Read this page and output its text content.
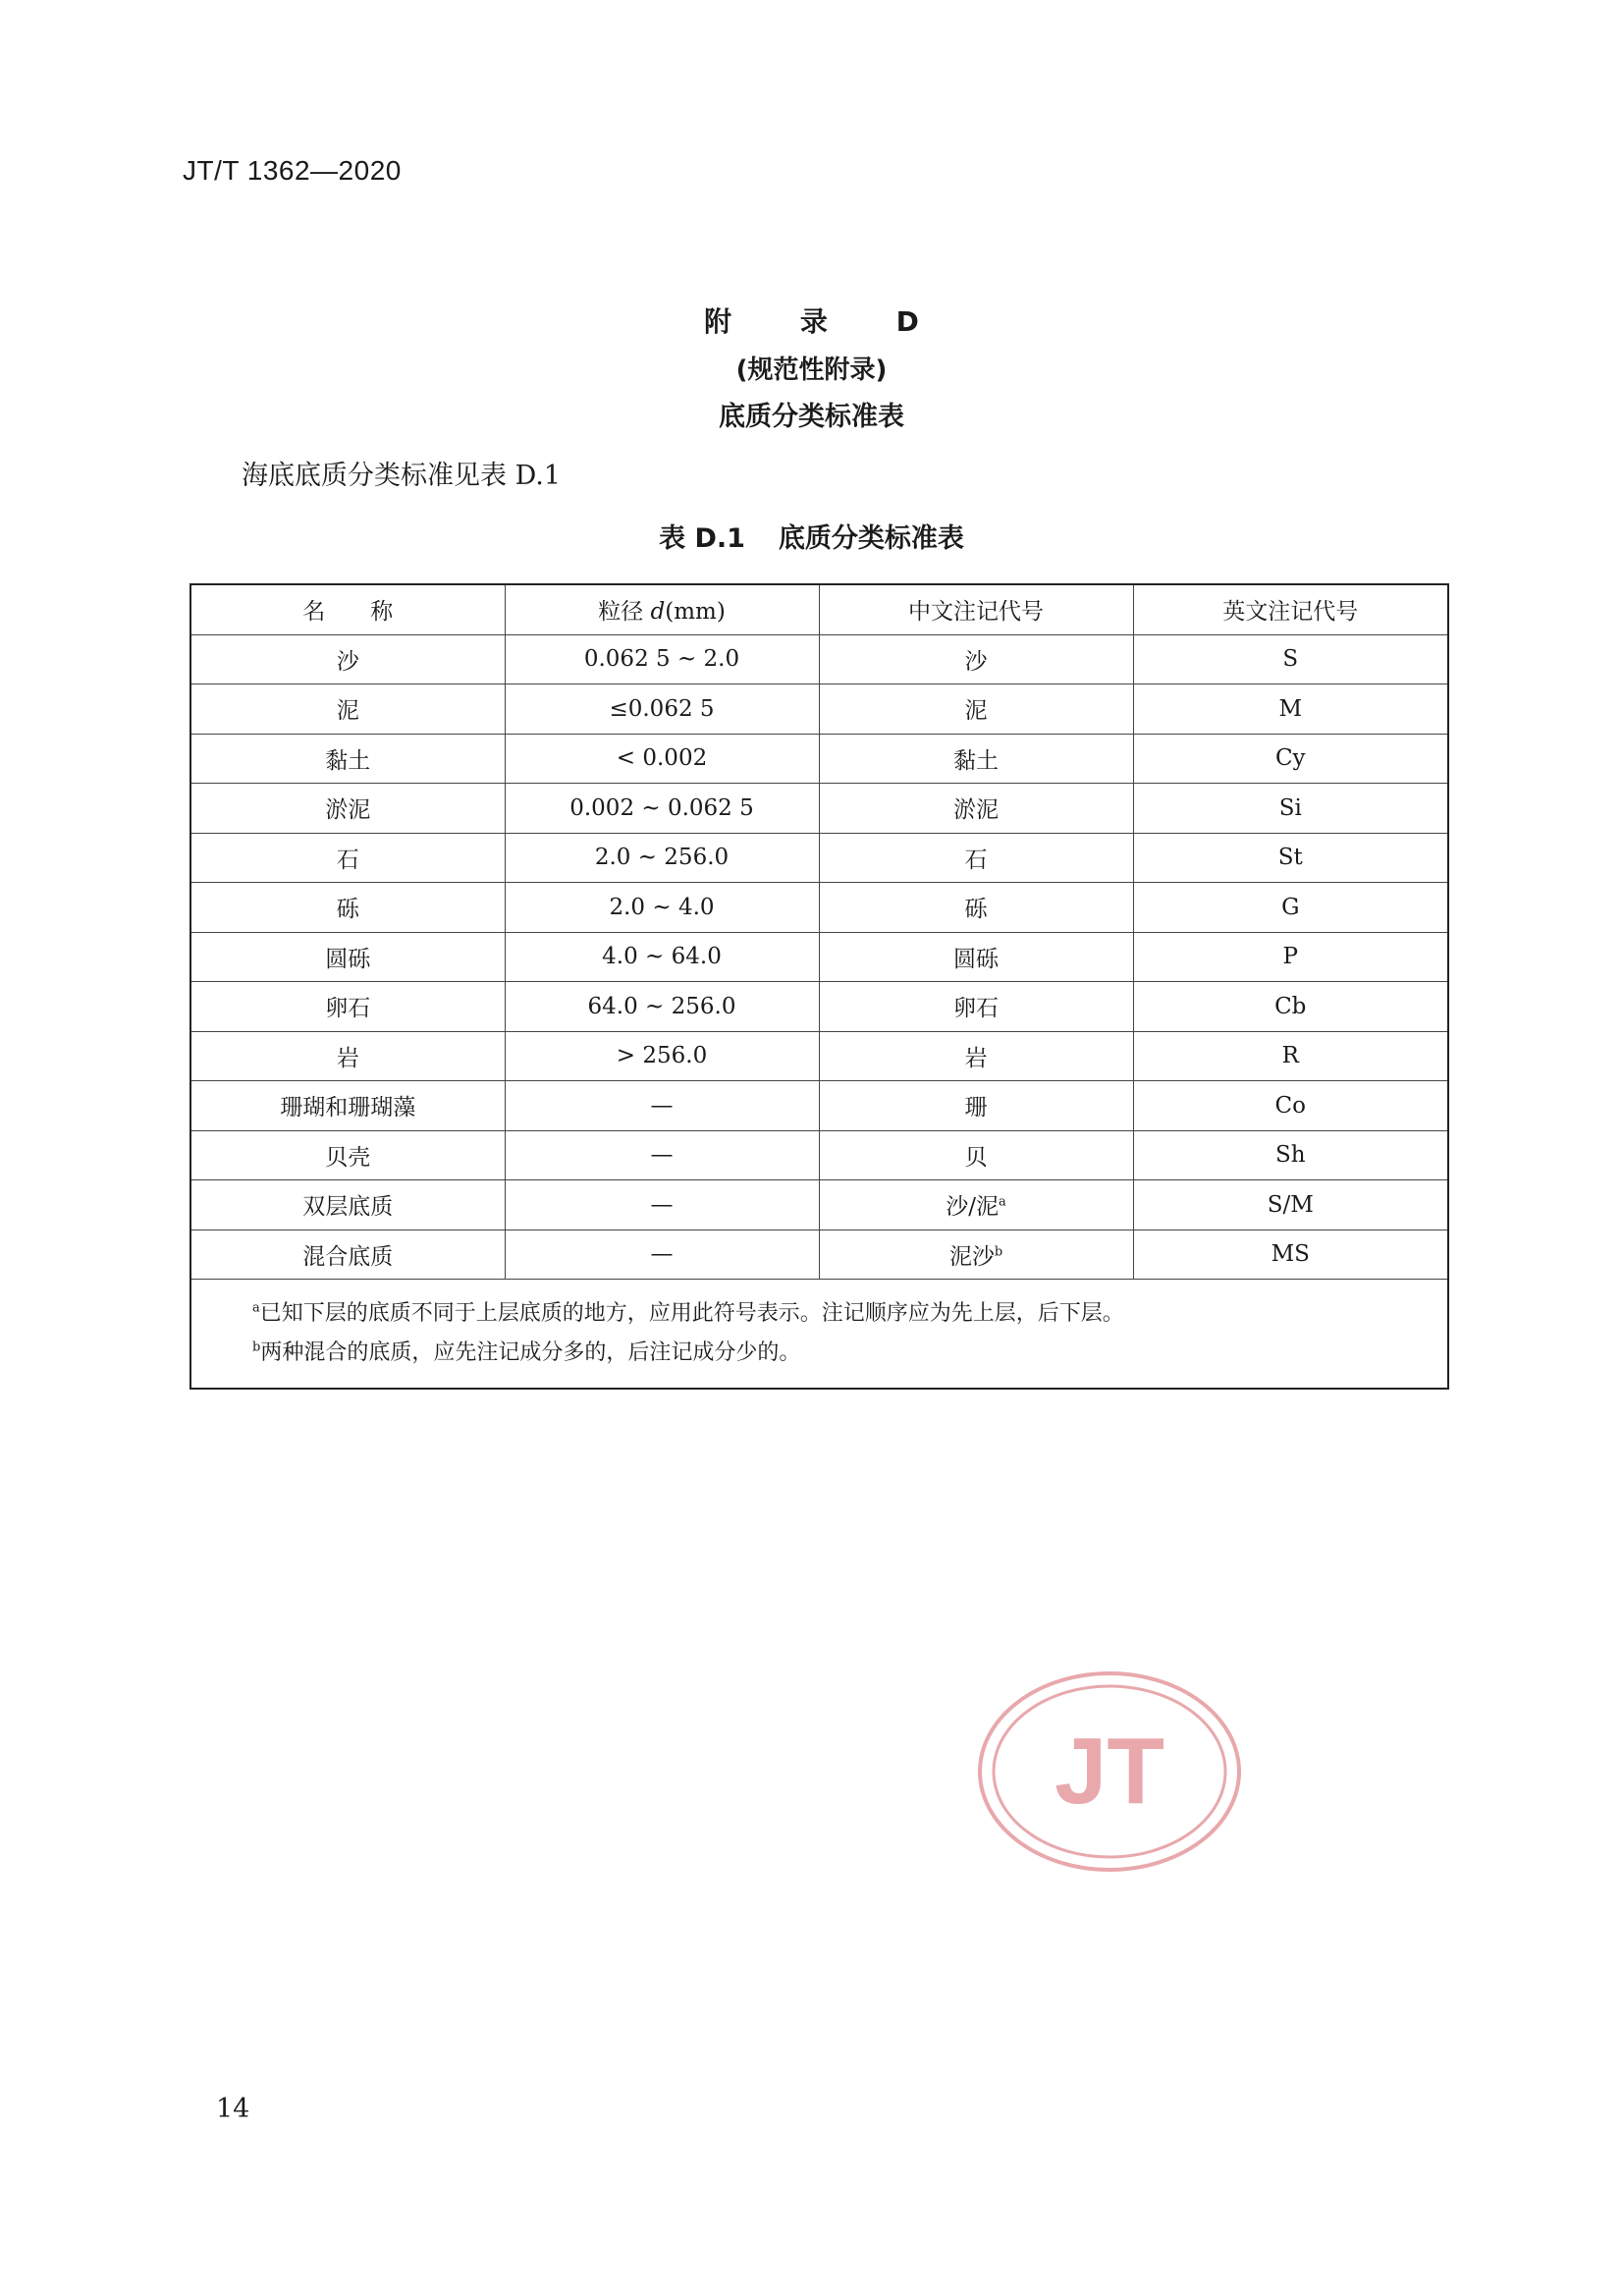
JT/T 1362—2020
附 录 D
(规范性附录)
底质分类标准表
海底底质分类标准见表 D.1
表 D.1 底质分类标准表
名　　称	粒径 d(mm)	中文注记代号	英文注记代号
沙	0.062 5 ~ 2.0	沙	S
泥	≤0.062 5	泥	M
黏土	< 0.002	黏土	Cy
淤泥	0.002 ~ 0.062 5	淤泥	Si
石	2.0 ~ 256.0	石	St
砾	2.0 ~ 4.0	砾	G
圆砾	4.0 ~ 64.0	圆砾	P
卵石	64.0 ~ 256.0	卵石	Cb
岩	> 256.0	岩	R
珊瑚和珊瑚藻	—	珊	Co
贝壳	—	贝	Sh
双层底质	—	沙/泥$^a$	S/M
混合底质	—	泥沙$^b$	MS

$^a$已知下层的底质不同于上层底质的地方，应用此符号表示。注记顺序应为先上层，后下层。
$^b$两种混合的底质，应先注记成分多的，后注记成分少的。			
JT
14
